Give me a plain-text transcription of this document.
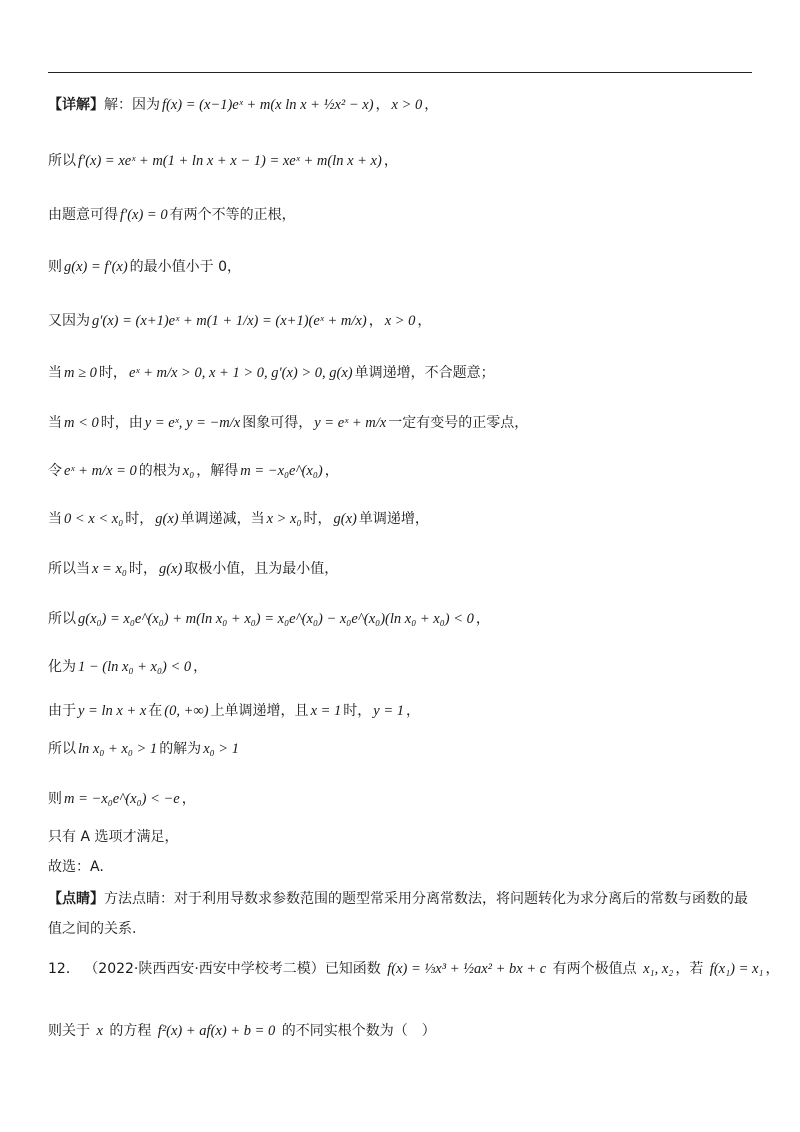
【详解】解：因为 f(x) = (x−1)eˣ + m(x ln x + ½x² − x) ， x > 0 ，
所以 f′(x) = xeˣ + m(1 + ln x + x − 1) = xeˣ + m(ln x + x) ，
由题意可得 f′(x) = 0 有两个不等的正根，
则 g(x) = f′(x) 的最小值小于 0，
又因为 g′(x) = (x+1)eˣ + m(1 + 1/x) = (x+1)(eˣ + m/x) ， x > 0 ，
当 m ≥ 0 时， eˣ + m/x > 0, x + 1 > 0, g′(x) > 0, g(x) 单调递增，不合题意；
当 m < 0 时，由 y = eˣ, y = −m/x 图象可得， y = eˣ + m/x 一定有变号的正零点，
令 eˣ + m/x = 0 的根为 x₀ ，解得 m = −x₀e^(x₀) ，
当 0 < x < x₀ 时， g(x) 单调递减，当 x > x₀ 时， g(x) 单调递增，
所以当 x = x₀ 时， g(x) 取极小值，且为最小值，
所以 g(x₀) = x₀e^(x₀) + m(ln x₀ + x₀) = x₀e^(x₀) − x₀e^(x₀)(ln x₀ + x₀) < 0 ，
化为 1 − (ln x₀ + x₀) < 0 ，
由于 y = ln x + x 在 (0, +∞) 上单调递增，且 x = 1 时， y = 1 ，
所以 ln x₀ + x₀ > 1 的解为 x₀ > 1
则 m = −x₀e^(x₀) < −e ，
只有 A 选项才满足，
故选：A.
【点睛】方法点睛：对于利用导数求参数范围的题型常采用分离常数法，将问题转化为求分离后的常数与函数的最值之间的关系.
12． （2022·陕西西安·西安中学校考二模）已知函数 f(x) = ⅓x³ + ½ax² + bx + c 有两个极值点 x₁, x₂ ，若 f(x₁) = x₁ ，
则关于 x 的方程 f²(x) + af(x) + b = 0 的不同实根个数为（　）
